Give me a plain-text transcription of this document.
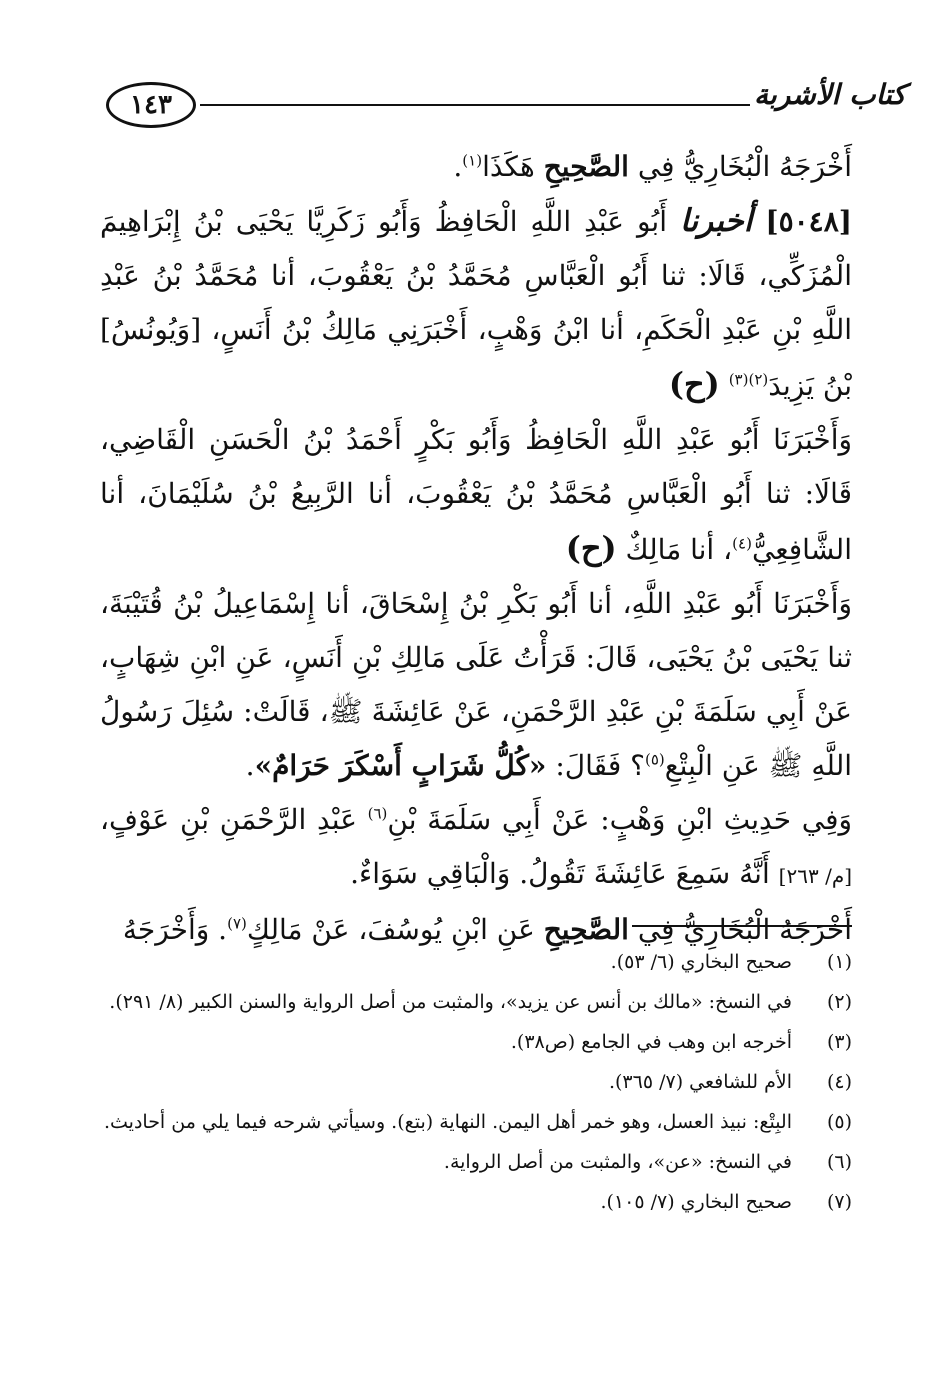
١٤٣	كتاب الأشربة

أَخْرَجَهُ الْبُخَارِيُّ فِي الصَّحِيحِ هَكَذَا$^{(١)}$.

[٥٠٤٨] أخبرنا أَبُو عَبْدِ اللَّهِ الْحَافِظُ وَأَبُو زَكَرِيَّا يَحْيَى بْنُ إِبْرَاهِيمَ الْمُزَكِّي، قَالَا: ثنا أَبُو الْعَبَّاسِ مُحَمَّدُ بْنُ يَعْقُوبَ، أنا مُحَمَّدُ بْنُ عَبْدِ اللَّهِ بْنِ عَبْدِ الْحَكَمِ، أنا ابْنُ وَهْبٍ، أَخْبَرَنِي مَالِكُ بْنُ أَنَسٍ، [وَيُونُسُ] بْنُ يَزِيدَ$^{(٢)(٣)}$ (ح)

وَأَخْبَرَنَا أَبُو عَبْدِ اللَّهِ الْحَافِظُ وَأَبُو بَكْرٍ أَحْمَدُ بْنُ الْحَسَنِ الْقَاضِي، قَالَا: ثنا أَبُو الْعَبَّاسِ مُحَمَّدُ بْنُ يَعْقُوبَ، أنا الرَّبِيعُ بْنُ سُلَيْمَانَ، أنا الشَّافِعِيُّ$^{(٤)}$، أنا مَالِكٌ (ح)

وَأَخْبَرَنَا أَبُو عَبْدِ اللَّهِ، أنا أَبُو بَكْرِ بْنُ إِسْحَاقَ، أنا إِسْمَاعِيلُ بْنُ قُتَيْبَةَ، ثنا يَحْيَى بْنُ يَحْيَى، قَالَ: قَرَأْتُ عَلَى مَالِكِ بْنِ أَنَسٍ، عَنِ ابْنِ شِهَابٍ، عَنْ أَبِي سَلَمَةَ بْنِ عَبْدِ الرَّحْمَنِ، عَنْ عَائِشَةَ ﷺ، قَالَتْ: سُئِلَ رَسُولُ اللَّهِ ﷺ عَنِ الْبِتْعِ$^{(٥)}$؟ فَقَالَ: «كُلُّ شَرَابٍ أَسْكَرَ حَرَامٌ».

وَفِي حَدِيثِ ابْنِ وَهْبٍ: عَنْ أَبِي سَلَمَةَ بْنِ$^{(٦)}$ عَبْدِ الرَّحْمَنِ بْنِ عَوْفٍ، [م/ ٢٦٣] أَنَّهُ سَمِعَ عَائِشَةَ تَقُولُ. وَالْبَاقِي سَوَاءٌ.

أَخْرَجَهُ الْبُخَارِيُّ فِي الصَّحِيحِ عَنِ ابْنِ يُوسُفَ، عَنْ مَالِكٍ$^{(٧)}$. وَأَخْرَجَهُ

(١)
صحيح البخاري (٦/ ٥٣).
(٢)
في النسخ: «مالك بن أنس عن يزيد»، والمثبت من أصل الرواية والسنن الكبير (٨/ ٢٩١).
(٣)
أخرجه ابن وهب في الجامع (ص٣٨).
(٤)
الأم للشافعي (٧/ ٣٦٥).
(٥)
البِتْع: نبيذ العسل، وهو خمر أهل اليمن. النهاية (بتع). وسيأتي شرحه فيما يلي من أحاديث.
(٦)
في النسخ: «عن»، والمثبت من أصل الرواية.
(٧)
صحيح البخاري (٧/ ١٠٥).
